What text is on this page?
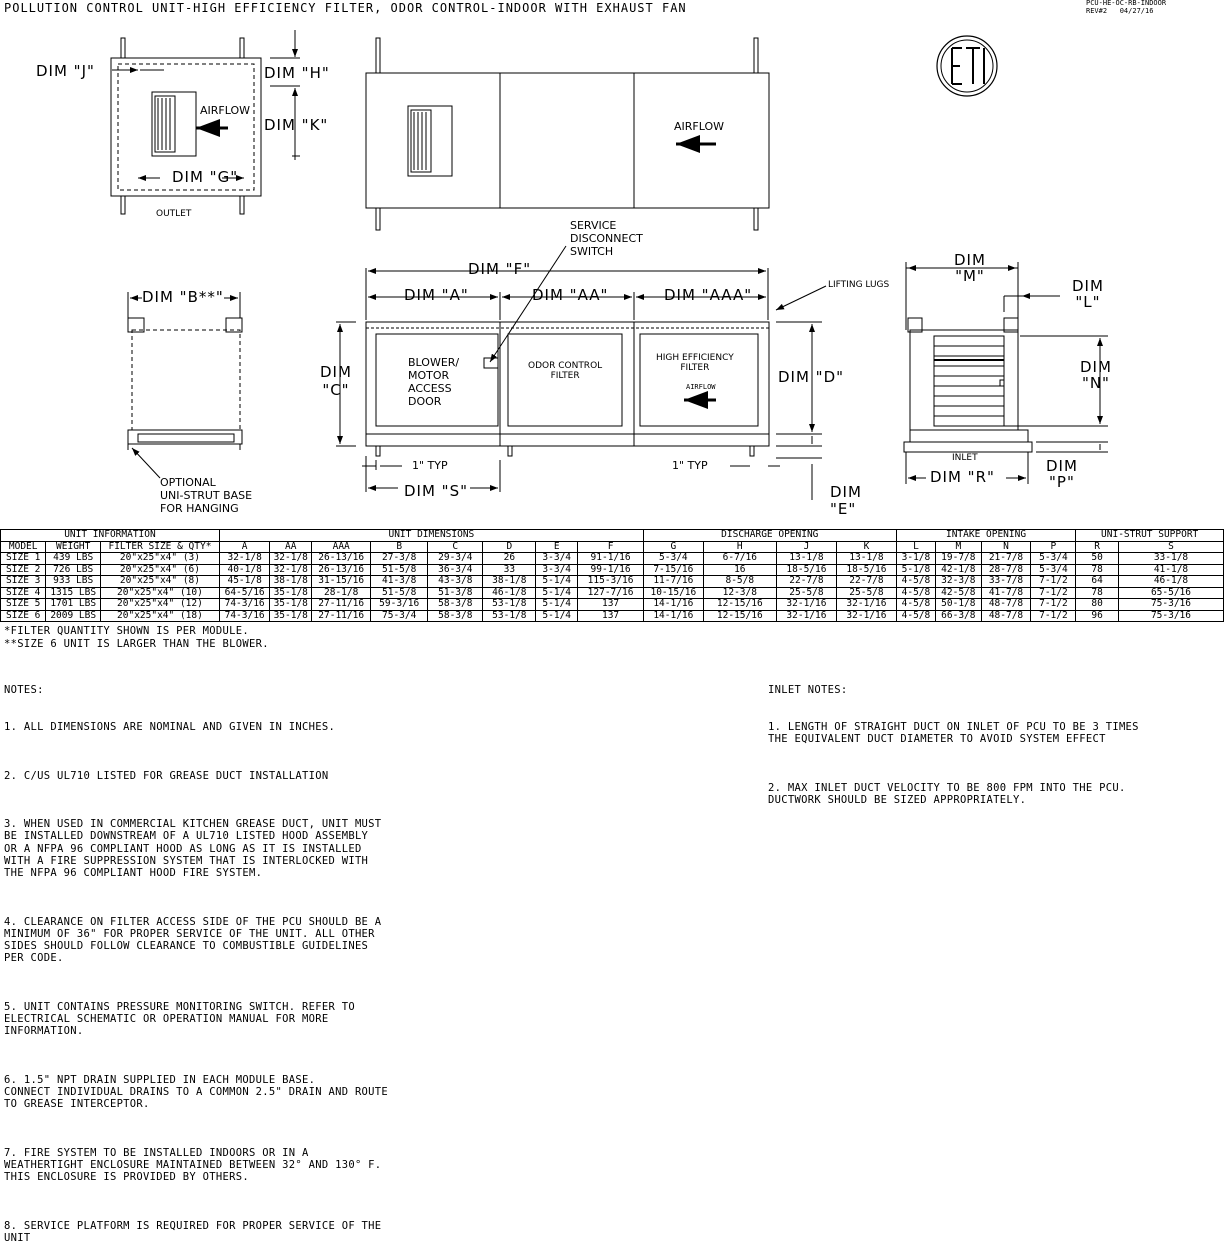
POLLUTION CONTROL UNIT-HIGH EFFICIENCY FILTER, ODOR CONTROL-INDOOR WITH EXHAUST FAN	PCU-HE-OC-RB-INDOOR
REV#2   04/27/16
DIM "J"	DIM "H"
DIM "K"
DIM "G"
AIRFLOW
OUTLET
AIRFLOW
SERVICE
DISCONNECT
SWITCH
DIM "F"
DIM "A"	DIM "AA"	DIM "AAA"
LIFTING LUGS
DIM "B**"
DIM
"C"
DIM "D"
BLOWER/
MOTOR
ACCESS
DOOR
ODOR CONTROL
FILTER
HIGH EFFICIENCY
FILTER
AIRFLOW
1" TYP	1" TYP
DIM "S"	DIM
"E"
OPTIONAL
UNI-STRUT BASE
FOR HANGING
DIM
"M"
DIM
"L"
DIM
"N"
INLET
DIM "R"
DIM
"P"
UNIT INFORMATION			UNIT DIMENSIONS								DISCHARGE OPENING				INTAKE OPENING				UNI-STRUT SUPPORT	
MODEL	WEIGHT	FILTER SIZE & QTY*	A	AA	AAA	B	C	D	E	F	G	H	J	K	L	M	N	P	R	S
SIZE 1	439 LBS	20"x25"x4" (3)	32-1/8	32-1/8	26-13/16	27-3/8	29-3/4	26	3-3/4	91-1/16	5-3/4	6-7/16	13-1/8	13-1/8	3-1/8	19-7/8	21-7/8	5-3/4	50	33-1/8
SIZE 2	726 LBS	20"x25"x4" (6)	40-1/8	32-1/8	26-13/16	51-5/8	36-3/4	33	3-3/4	99-1/16	7-15/16	16	18-5/16	18-5/16	5-1/8	42-1/8	28-7/8	5-3/4	78	41-1/8
SIZE 3	933 LBS	20"x25"x4" (8)	45-1/8	38-1/8	31-15/16	41-3/8	43-3/8	38-1/8	5-1/4	115-3/16	11-7/16	8-5/8	22-7/8	22-7/8	4-5/8	32-3/8	33-7/8	7-1/2	64	46-1/8
SIZE 4	1315 LBS	20"x25"x4" (10)	64-5/16	35-1/8	28-1/8	51-5/8	51-3/8	46-1/8	5-1/4	127-7/16	10-15/16	12-3/8	25-5/8	25-5/8	4-5/8	42-5/8	41-7/8	7-1/2	78	65-5/16
SIZE 5	1701 LBS	20"x25"x4" (12)	74-3/16	35-1/8	27-11/16	59-3/16	58-3/8	53-1/8	5-1/4	137	14-1/16	12-15/16	32-1/16	32-1/16	4-5/8	50-1/8	48-7/8	7-1/2	80	75-3/16
SIZE 6	2009 LBS	20"x25"x4" (18)	74-3/16	35-1/8	27-11/16	75-3/4	58-3/8	53-1/8	5-1/4	137	14-1/16	12-15/16	32-1/16	32-1/16	4-5/8	66-3/8	48-7/8	7-1/2	96	75-3/16
*FILTER QUANTITY SHOWN IS PER MODULE.
**SIZE 6 UNIT IS LARGER THAN THE BLOWER.

NOTES:

1. ALL DIMENSIONS ARE NOMINAL AND GIVEN IN INCHES.

2. C/US UL710 LISTED FOR GREASE DUCT INSTALLATION

3. WHEN USED IN COMMERCIAL KITCHEN GREASE DUCT, UNIT MUST
BE INSTALLED DOWNSTREAM OF A UL710 LISTED HOOD ASSEMBLY
OR A NFPA 96 COMPLIANT HOOD AS LONG AS IT IS INSTALLED
WITH A FIRE SUPPRESSION SYSTEM THAT IS INTERLOCKED WITH
THE NFPA 96 COMPLIANT HOOD FIRE SYSTEM.

4. CLEARANCE ON FILTER ACCESS SIDE OF THE PCU SHOULD BE A
MINIMUM OF 36" FOR PROPER SERVICE OF THE UNIT. ALL OTHER
SIDES SHOULD FOLLOW CLEARANCE TO COMBUSTIBLE GUIDELINES
PER CODE.

5. UNIT CONTAINS PRESSURE MONITORING SWITCH. REFER TO
ELECTRICAL SCHEMATIC OR OPERATION MANUAL FOR MORE
INFORMATION.

6. 1.5" NPT DRAIN SUPPLIED IN EACH MODULE BASE.
CONNECT INDIVIDUAL DRAINS TO A COMMON 2.5" DRAIN AND ROUTE
TO GREASE INTERCEPTOR.

7. FIRE SYSTEM TO BE INSTALLED INDOORS OR IN A
WEATHERTIGHT ENCLOSURE MAINTAINED BETWEEN 32° AND 130° F.
THIS ENCLOSURE IS PROVIDED BY OTHERS.

8. SERVICE PLATFORM IS REQUIRED FOR PROPER SERVICE OF THE
UNIT

INLET NOTES:

1. LENGTH OF STRAIGHT DUCT ON INLET OF PCU TO BE 3 TIMES
THE EQUIVALENT DUCT DIAMETER TO AVOID SYSTEM EFFECT

2. MAX INLET DUCT VELOCITY TO BE 800 FPM INTO THE PCU.
DUCTWORK SHOULD BE SIZED APPROPRIATELY.
